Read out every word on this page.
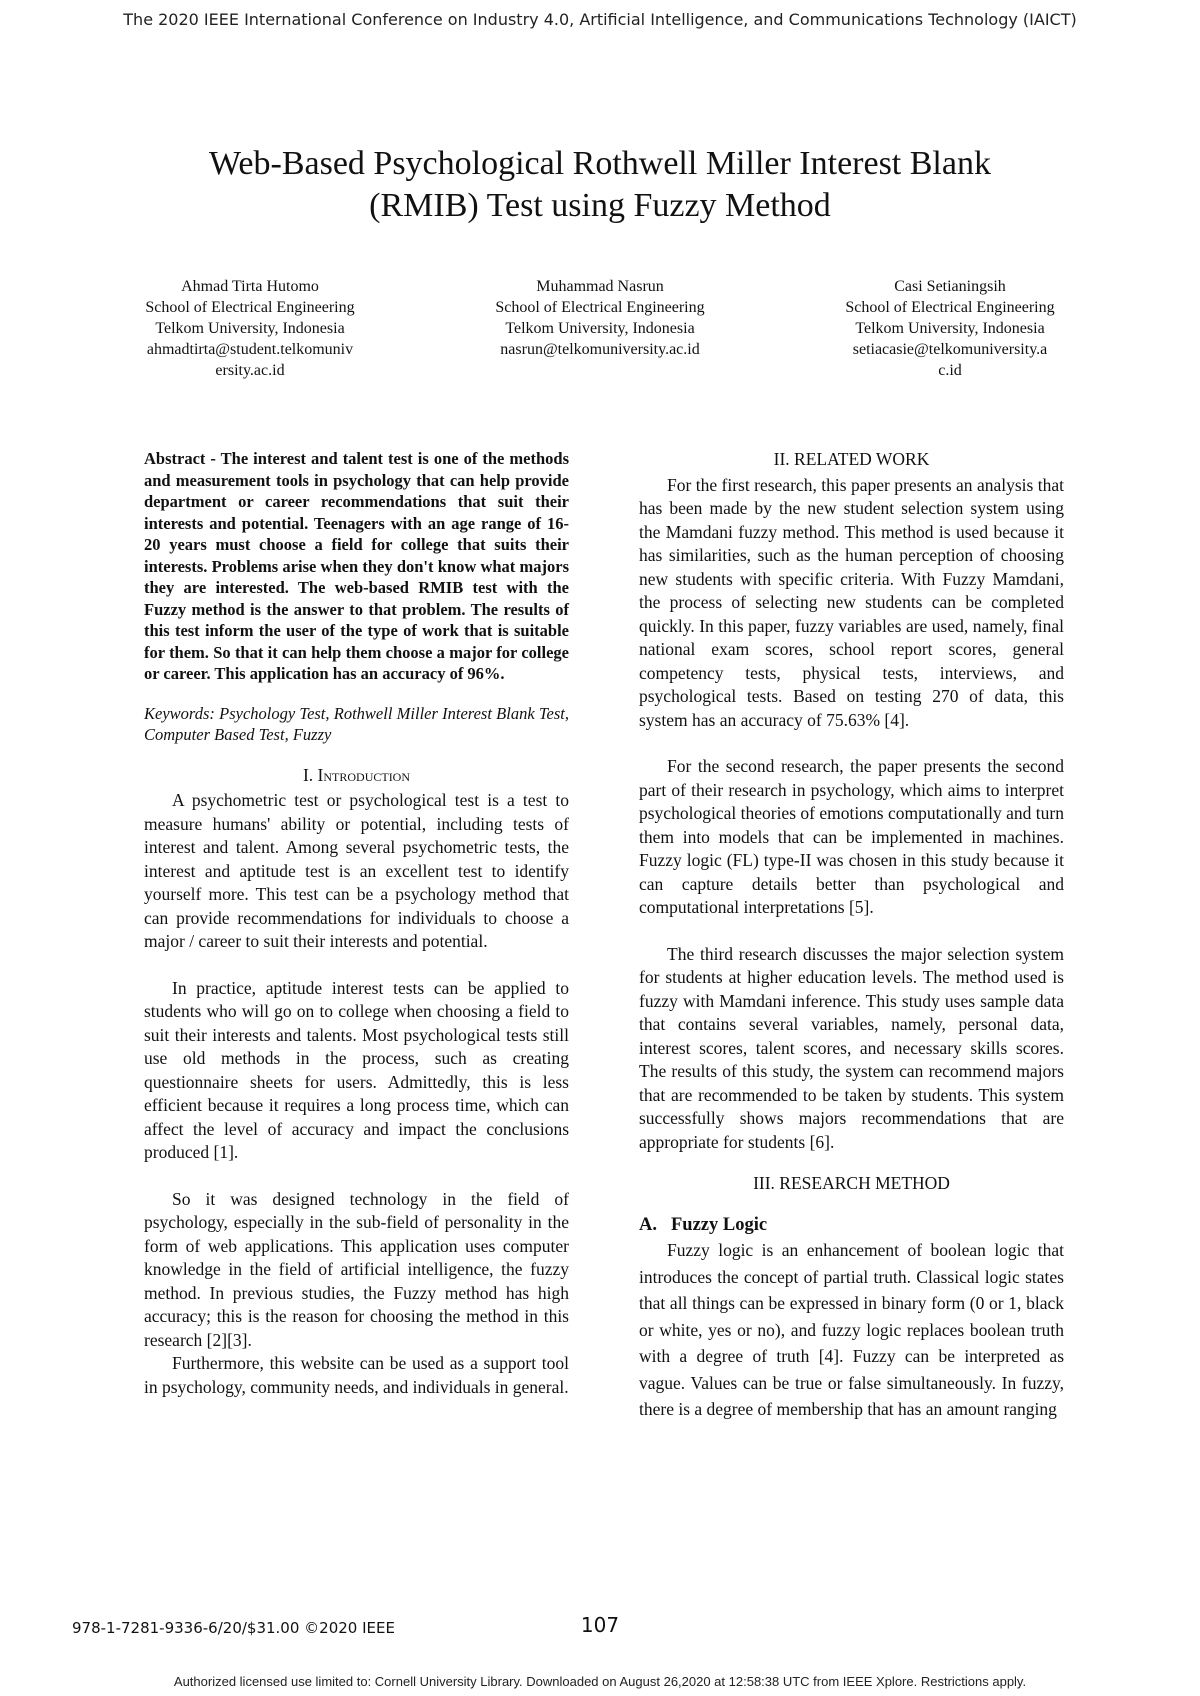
The 2020 IEEE International Conference on Industry 4.0, Artificial Intelligence, and Communications Technology (IAICT)
Web-Based Psychological Rothwell Miller Interest Blank
(RMIB) Test using Fuzzy Method
Ahmad Tirta Hutomo
School of Electrical Engineering
Telkom University, Indonesia
ahmadtirta@student.telkomuniv
ersity.ac.id
Muhammad Nasrun
School of Electrical Engineering
Telkom University, Indonesia
nasrun@telkomuniversity.ac.id
Casi Setianingsih
School of Electrical Engineering
Telkom University, Indonesia
setiacasie@telkomuniversity.a
c.id

Abstract - The interest and talent test is one of the methods and measurement tools in psychology that can help provide department or career recommendations that suit their interests and potential. Teenagers with an age range of 16-20 years must choose a field for college that suits their interests. Problems arise when they don't know what majors they are interested. The web-based RMIB test with the Fuzzy method is the answer to that problem. The results of this test inform the user of the type of work that is suitable for them. So that it can help them choose a major for college or career. This application has an accuracy of 96%.

Keywords: Psychology Test, Rothwell Miller Interest Blank Test, Computer Based Test, Fuzzy

I. Introduction

A psychometric test or psychological test is a test to measure humans' ability or potential, including tests of interest and talent. Among several psychometric tests, the interest and aptitude test is an excellent test to identify yourself more. This test can be a psychology method that can provide recommendations for individuals to choose a major / career to suit their interests and potential.

In practice, aptitude interest tests can be applied to students who will go on to college when choosing a field to suit their interests and talents. Most psychological tests still use old methods in the process, such as creating questionnaire sheets for users. Admittedly, this is less efficient because it requires a long process time, which can affect the level of accuracy and impact the conclusions produced [1].

So it was designed technology in the field of psychology, especially in the sub-field of personality in the form of web applications. This application uses computer knowledge in the field of artificial intelligence, the fuzzy method. In previous studies, the Fuzzy method has high accuracy; this is the reason for choosing the method in this research [2][3].

Furthermore, this website can be used as a support tool in psychology, community needs, and individuals in general.

II. RELATED WORK

For the first research, this paper presents an analysis that has been made by the new student selection system using the Mamdani fuzzy method. This method is used because it has similarities, such as the human perception of choosing new students with specific criteria. With Fuzzy Mamdani, the process of selecting new students can be completed quickly. In this paper, fuzzy variables are used, namely, final national exam scores, school report scores, general competency tests, physical tests, interviews, and psychological tests. Based on testing 270 of data, this system has an accuracy of 75.63% [4].

For the second research, the paper presents the second part of their research in psychology, which aims to interpret psychological theories of emotions computationally and turn them into models that can be implemented in machines. Fuzzy logic (FL) type-II was chosen in this study because it can capture details better than psychological and computational interpretations [5].

The third research discusses the major selection system for students at higher education levels. The method used is fuzzy with Mamdani inference. This study uses sample data that contains several variables, namely, personal data, interest scores, talent scores, and necessary skills scores. The results of this study, the system can recommend majors that are recommended to be taken by students. This system successfully shows majors recommendations that are appropriate for students [6].

III. RESEARCH METHOD

A. Fuzzy Logic

Fuzzy logic is an enhancement of boolean logic that introduces the concept of partial truth. Classical logic states that all things can be expressed in binary form (0 or 1, black or white, yes or no), and fuzzy logic replaces boolean truth with a degree of truth [4]. Fuzzy can be interpreted as vague. Values can be true or false simultaneously. In fuzzy, there is a degree of membership that has an amount ranging

978-1-7281-9336-6/20/$31.00 ©2020 IEEE	107
Authorized licensed use limited to: Cornell University Library. Downloaded on August 26,2020 at 12:58:38 UTC from IEEE Xplore. Restrictions apply.
